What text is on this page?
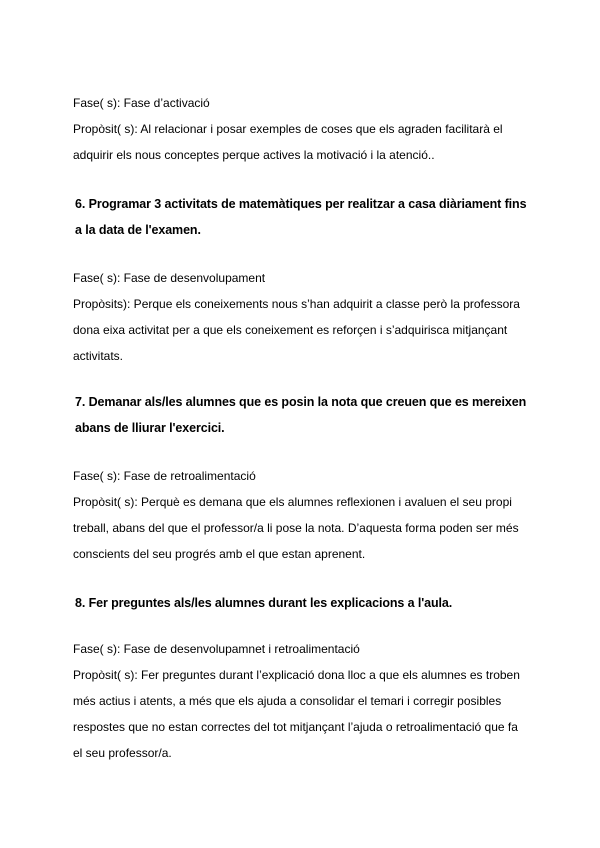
Fase( s): Fase d’activació
Propòsit( s): Al relacionar i posar exemples de coses que els agraden facilitarà el
adquirir els nous conceptes perque actives la motivació i la atenció..
6. Programar 3 activitats de matemàtiques per realitzar a casa diàriament fins
a la data de l'examen.
Fase( s): Fase de desenvolupament
Propòsits): Perque els coneixements nous s’han adquirit a classe però la professora
dona eixa activitat per a que els coneixement es reforçen i s’adquirisca mitjançant
activitats.
7. Demanar als/les alumnes que es posin la nota que creuen que es mereixen
abans de lliurar l'exercici.
Fase( s): Fase de retroalimentació
Propòsit( s): Perquè es demana que els alumnes reflexionen i avaluen el seu propi
treball, abans del que el professor/a li pose la nota. D’aquesta forma poden ser més
conscients del seu progrés amb el que estan aprenent.
8. Fer preguntes als/les alumnes durant les explicacions a l'aula.
Fase( s): Fase de desenvolupamnet i retroalimentació
Propòsit( s): Fer preguntes durant l’explicació dona lloc a que els alumnes es troben
més actius i atents, a més que els ajuda a consolidar el temari i corregir posibles
respostes que no estan correctes del tot mitjançant l’ajuda o retroalimentació que fa
el seu professor/a.
